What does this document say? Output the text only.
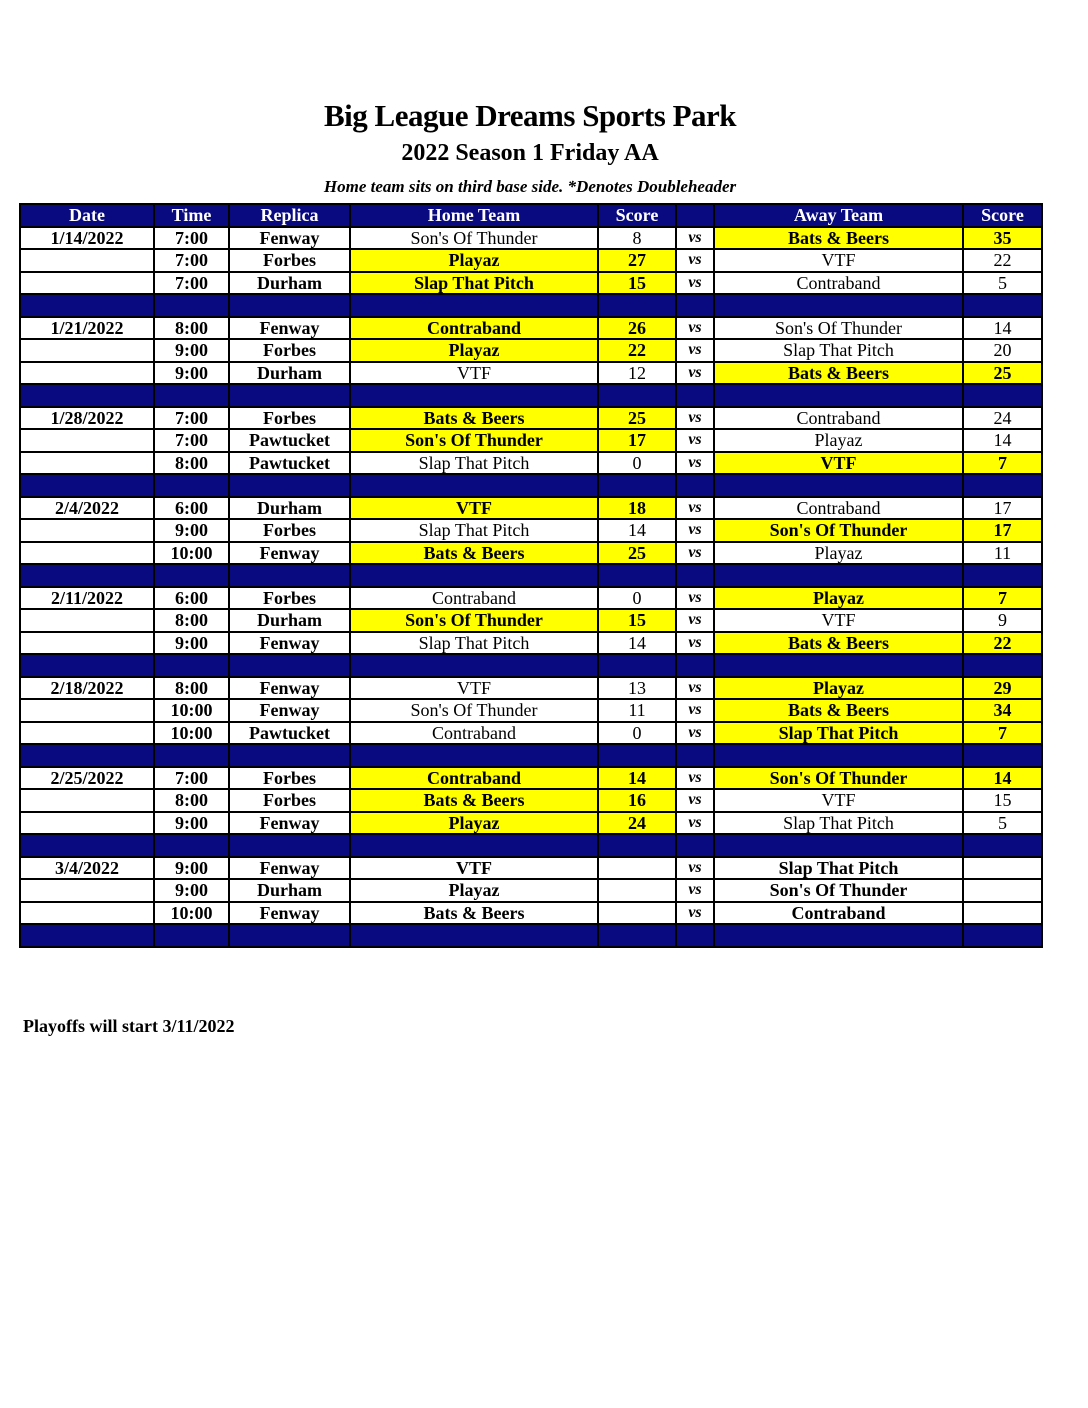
Big League Dreams Sports Park
2022 Season 1 Friday AA
Home team sits on third base side. *Denotes Doubleheader
Date	Time	Replica	Home Team	Score		Away Team	Score
1/14/2022	7:00	Fenway	Son's Of Thunder	8	vs	Bats & Beers	35
	7:00	Forbes	Playaz	27	vs	VTF	22
	7:00	Durham	Slap That Pitch	15	vs	Contraband	5

1/21/2022	8:00	Fenway	Contraband	26	vs	Son's Of Thunder	14
	9:00	Forbes	Playaz	22	vs	Slap That Pitch	20
	9:00	Durham	VTF	12	vs	Bats & Beers	25

1/28/2022	7:00	Forbes	Bats & Beers	25	vs	Contraband	24
	7:00	Pawtucket	Son's Of Thunder	17	vs	Playaz	14
	8:00	Pawtucket	Slap That Pitch	0	vs	VTF	7

2/4/2022	6:00	Durham	VTF	18	vs	Contraband	17
	9:00	Forbes	Slap That Pitch	14	vs	Son's Of Thunder	17
	10:00	Fenway	Bats & Beers	25	vs	Playaz	11

2/11/2022	6:00	Forbes	Contraband	0	vs	Playaz	7
	8:00	Durham	Son's Of Thunder	15	vs	VTF	9
	9:00	Fenway	Slap That Pitch	14	vs	Bats & Beers	22

2/18/2022	8:00	Fenway	VTF	13	vs	Playaz	29
	10:00	Fenway	Son's Of Thunder	11	vs	Bats & Beers	34
	10:00	Pawtucket	Contraband	0	vs	Slap That Pitch	7

2/25/2022	7:00	Forbes	Contraband	14	vs	Son's Of Thunder	14
	8:00	Forbes	Bats & Beers	16	vs	VTF	15
	9:00	Fenway	Playaz	24	vs	Slap That Pitch	5

3/4/2022	9:00	Fenway	VTF		vs	Slap That Pitch	
	9:00	Durham	Playaz		vs	Son's Of Thunder	
	10:00	Fenway	Bats & Beers		vs	Contraband	

Playoffs will start 3/11/2022
